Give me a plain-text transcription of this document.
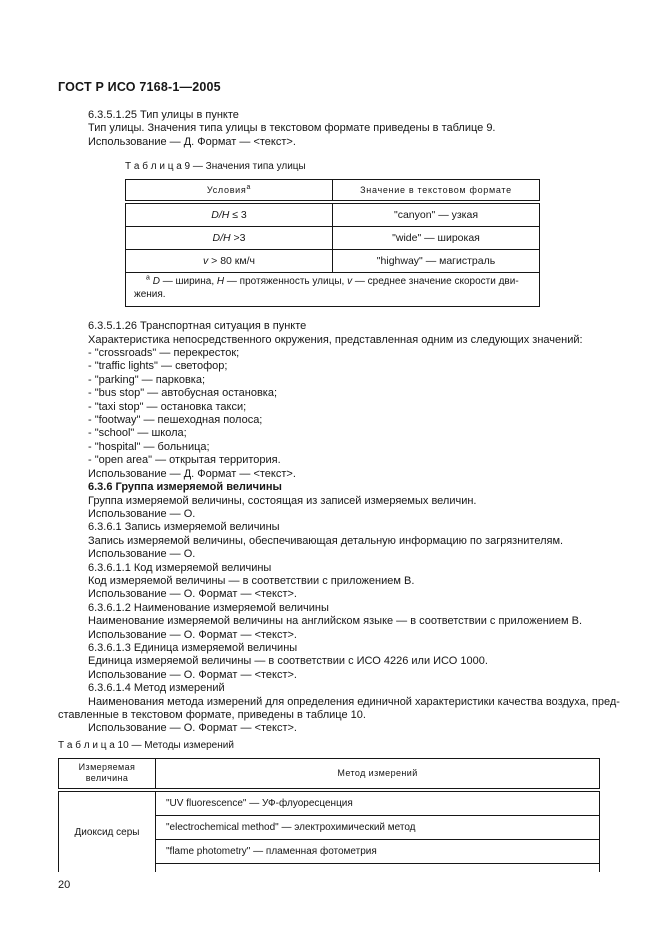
ГОСТ Р ИСО 7168-1—2005
6.3.5.1.25 Тип улицы в пункте
Тип улицы. Значения типа улицы в текстовом формате приведены в таблице 9.
Использование — Д. Формат — <текст>.
Т а б л и ц а 9 — Значения типа улицы
Условия$^a$	Значение в текстовом формате
D/H ≤ 3	"canyon" — узкая
D/H >3	"wide" — широкая
v > 80 км/ч	"highway" — магистраль

$^a$ D — ширина, H — протяженность улицы, v — среднее значение скорости дви-
жения.	
6.3.5.1.26 Транспортная ситуация в пункте
Характеристика непосредственного окружения, представленная одним из следующих значений:
- "crossroads" — перекресток;
- "traffic lights" — светофор;
- "parking" — парковка;
- "bus stop" — автобусная остановка;
- "taxi stop" — остановка такси;
- "footway" — пешеходная полоса;
- "school" — школа;
- "hospital" — больница;
- "open area" — открытая территория.
Использование — Д. Формат — <текст>.
6.3.6 Группа измеряемой величины
Группа измеряемой величины, состоящая из записей измеряемых величин.
Использование — О.
6.3.6.1 Запись измеряемой величины
Запись измеряемой величины, обеспечивающая детальную информацию по загрязнителям.
Использование — О.
6.3.6.1.1 Код измеряемой величины
Код измеряемой величины — в соответствии с приложением В.
Использование — О. Формат — <текст>.
6.3.6.1.2 Наименование измеряемой величины
Наименование измеряемой величины на английском языке — в соответствии с приложением В.
Использование — О. Формат — <текст>.
6.3.6.1.3 Единица измеряемой величины
Единица измеряемой величины — в соответствии с ИСО 4226 или ИСО 1000.
Использование — О. Формат — <текст>.
6.3.6.1.4 Метод измерений
Наименования метода измерений для определения единичной характеристики качества воздуха, пред-
ставленные в текстовом формате, приведены в таблице 10.
Использование — О. Формат — <текст>.
Т а б л и ц а 10 — Методы измерений
Измеряемая величина	Метод измерений
Диоксид серы	"UV fluorescence" — УФ-флуоресценция
	"electrochemical method" — электрохимический метод
	"flame photometry" — пламенная фотометрия

20
